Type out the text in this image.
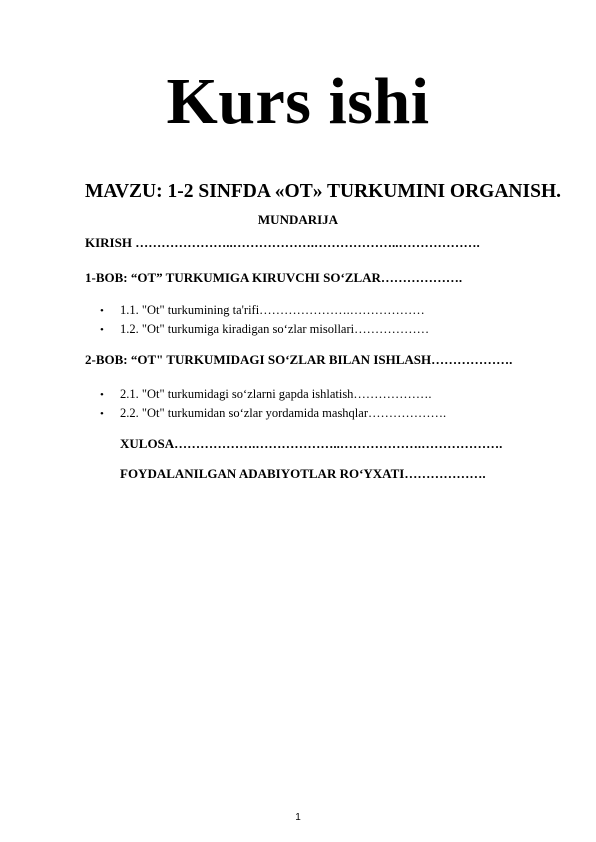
Kurs ishi
MAVZU: 1-2 SINFDA «OT» TURKUMINI ORGANISH.
MUNDARIJA
KIRISH …………………..……………….………………..……………….
1-BOB: “OT” TURKUMIGA KIRUVCHI SO‘ZLAR……………….
• 1.1. "Ot" turkumining ta'rifi………………….………………
• 1.2. "Ot" turkumiga kiradigan so‘zlar misollari………………
2-BOB: “OT" TURKUMIDAGI SO‘ZLAR BILAN ISHLASH……………….
• 2.1. "Ot" turkumidagi so‘zlarni gapda ishlatish……………….
• 2.2. "Ot" turkumidan so‘zlar yordamida mashqlar……………….
XULOSA……………….………………..……………….……………….
FOYDALANILGAN ADABIYOTLAR RO‘YXATI……………….
1
